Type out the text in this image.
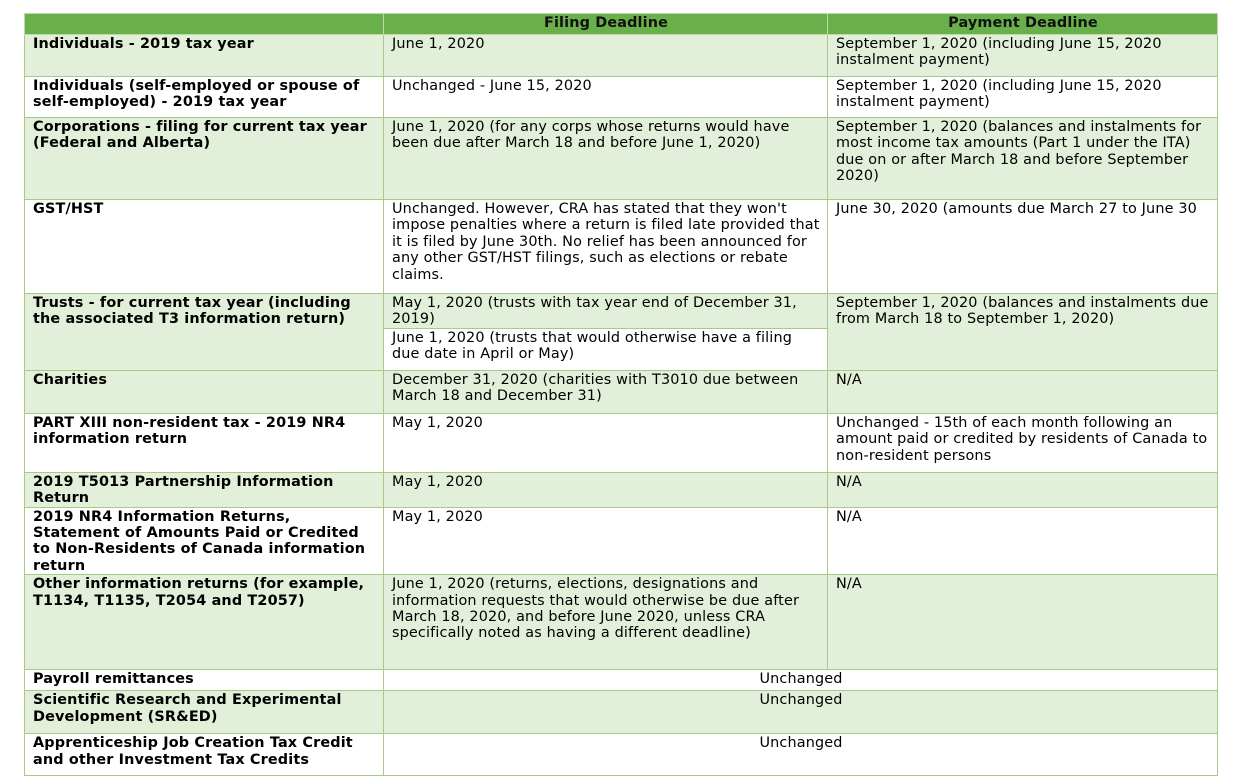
	Filing Deadline	Payment Deadline
Individuals - 2019 tax year	June 1, 2020	September 1, 2020 (including June 15, 2020 instalment payment)
Individuals (self-employed or spouse of self-employed) - 2019 tax year	Unchanged - June 15, 2020	September 1, 2020 (including June 15, 2020 instalment payment)
Corporations - filing for current tax year (Federal and Alberta)	June 1, 2020 (for any corps whose returns would have been due after March 18 and before June 1, 2020)	September 1, 2020 (balances and instalments for most income tax amounts (Part 1 under the ITA) due on or after March 18 and before September 2020)
GST/HST	Unchanged. However, CRA has stated that they won't impose penalties where a return is filed late provided that it is filed by June 30th. No relief has been announced for any other GST/HST filings, such as elections or rebate claims.	June 30, 2020 (amounts due March 27 to June 30
Trusts - for current tax year (including the associated T3 information return)	May 1, 2020 (trusts with tax year end of December 31, 2019)	September 1, 2020 (balances and instalments due from March 18 to September 1, 2020)
	June 1, 2020 (trusts that would otherwise have a filing due date in April or May)	
Charities	December 31, 2020 (charities with T3010 due between March 18 and December 31)	N/A
PART XIII non-resident tax - 2019 NR4 information return	May 1, 2020	Unchanged - 15th of each month following an amount paid or credited by residents of Canada to non-resident persons
2019 T5013 Partnership Information Return	May 1, 2020	N/A
2019 NR4 Information Returns, Statement of Amounts Paid or Credited to Non-Residents of Canada information return	May 1, 2020	N/A
Other information returns (for example, T1134, T1135, T2054 and T2057)	June 1, 2020 (returns, elections, designations and information requests that would otherwise be due after March 18, 2020, and before June 2020, unless CRA specifically noted as having a different deadline)	N/A
Payroll remittances	Unchanged	
Scientific Research and Experimental Development (SR&ED)	Unchanged	
Apprenticeship Job Creation Tax Credit and other Investment Tax Credits	Unchanged	
